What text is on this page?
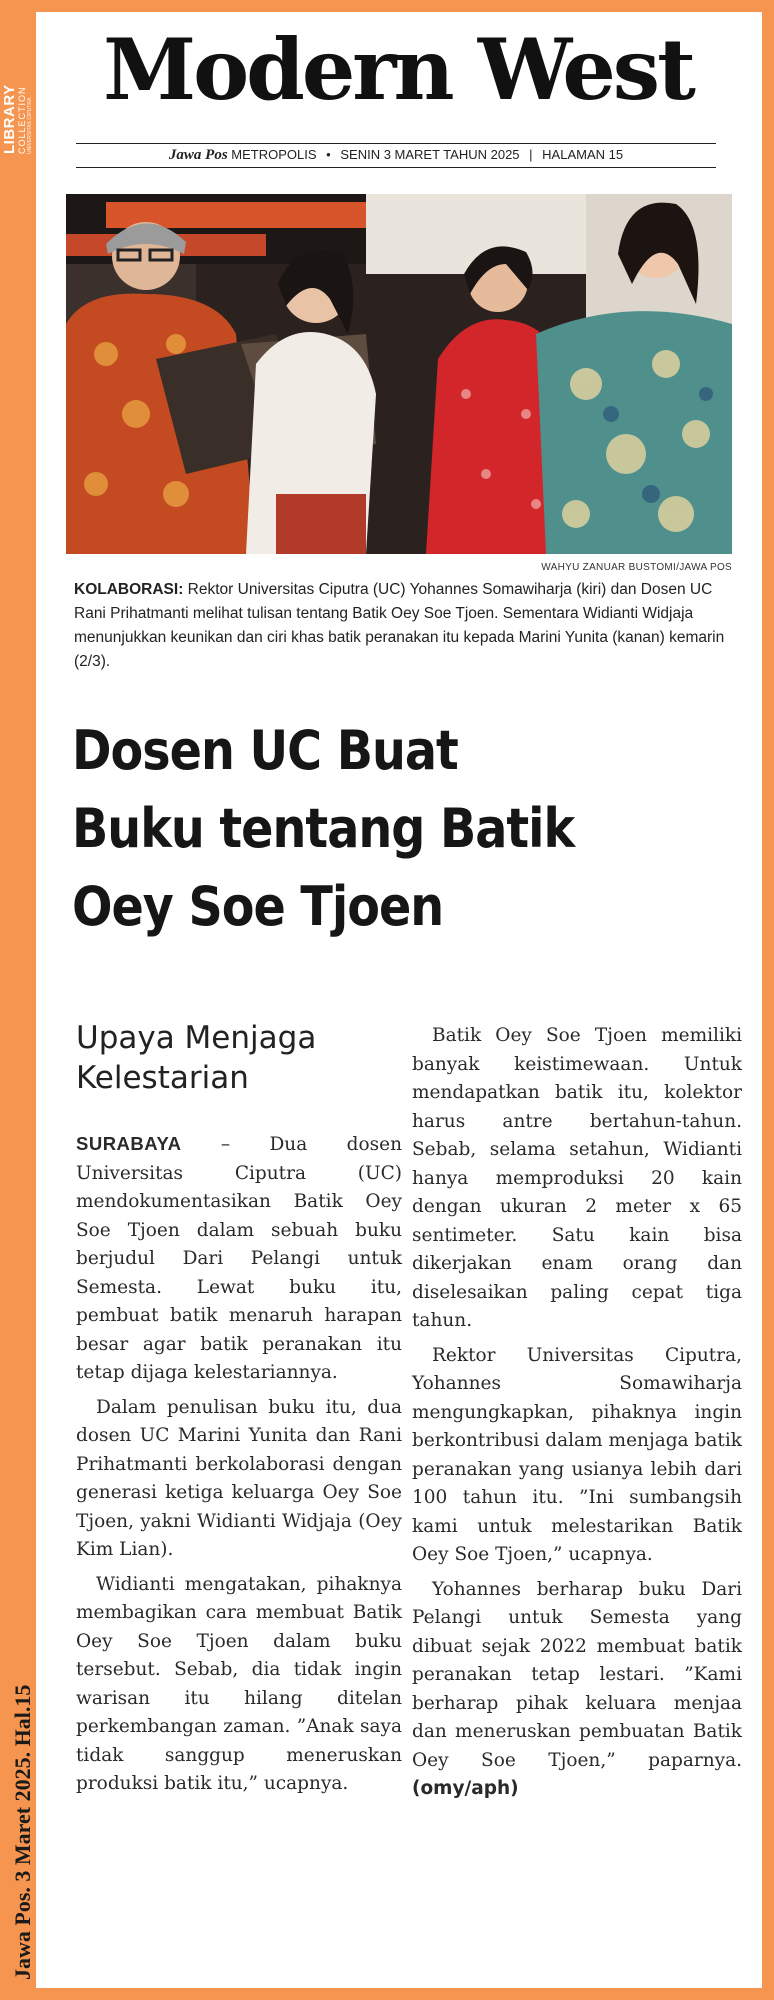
LIBRARY COLLECTION UNIVERSITAS CIPUTRA
Jawa Pos. 3 Maret 2025. Hal.15
Modern West
Jawa Pos METROPOLIS • SENIN 3 MARET TAHUN 2025 | HALAMAN 15
WAHYU ZANUAR BUSTOMI/JAWA POS
KOLABORASI: Rektor Universitas Ciputra (UC) Yohannes Somawiharja (kiri) dan Dosen UC Rani Prihatmanti melihat tulisan tentang Batik Oey Soe Tjoen. Sementara Widianti Widjaja menunjukkan keunikan dan ciri khas batik peranakan itu kepada Marini Yunita (kanan) kemarin (2/3).
Dosen UC Buat
Buku tentang Batik
Oey Soe Tjoen
Upaya Menjaga Kelestarian

SURABAYA – Dua dosen Universitas Ciputra (UC) mendokumentasikan Batik Oey Soe Tjoen dalam sebuah buku berjudul Dari Pelangi untuk Semesta. Lewat buku itu, pembuat batik menaruh harapan besar agar batik peranakan itu tetap dijaga kelestariannya.

Dalam penulisan buku itu, dua dosen UC Marini Yunita dan Rani Prihatmanti berkolaborasi dengan generasi ketiga keluarga Oey Soe Tjoen, yakni Widianti Widjaja (Oey Kim Lian).

Widianti mengatakan, pihaknya membagikan cara membuat Batik Oey Soe Tjoen dalam buku tersebut. Sebab, dia tidak ingin warisan itu hilang ditelan perkembangan zaman. ”Anak saya tidak sanggup meneruskan produksi batik itu,” ucapnya.

Batik Oey Soe Tjoen memiliki banyak keistimewaan. Untuk mendapatkan batik itu, kolektor harus antre bertahun-tahun. Sebab, selama setahun, Widianti hanya memproduksi 20 kain dengan ukuran 2 meter x 65 sentimeter. Satu kain bisa dikerjakan enam orang dan diselesaikan paling cepat tiga tahun.

Rektor Universitas Ciputra, Yohannes Somawiharja mengungkapkan, pihaknya ingin berkontribusi dalam menjaga batik peranakan yang usianya lebih dari 100 tahun itu. ”Ini sumbangsih kami untuk melestarikan Batik Oey Soe Tjoen,” ucapnya.

Yohannes berharap buku Dari Pelangi untuk Semesta yang dibuat sejak 2022 membuat batik peranakan tetap lestari. ”Kami berharap pihak keluara menjaa dan meneruskan pembuatan Batik Oey Soe Tjoen,” paparnya. (omy/aph)
